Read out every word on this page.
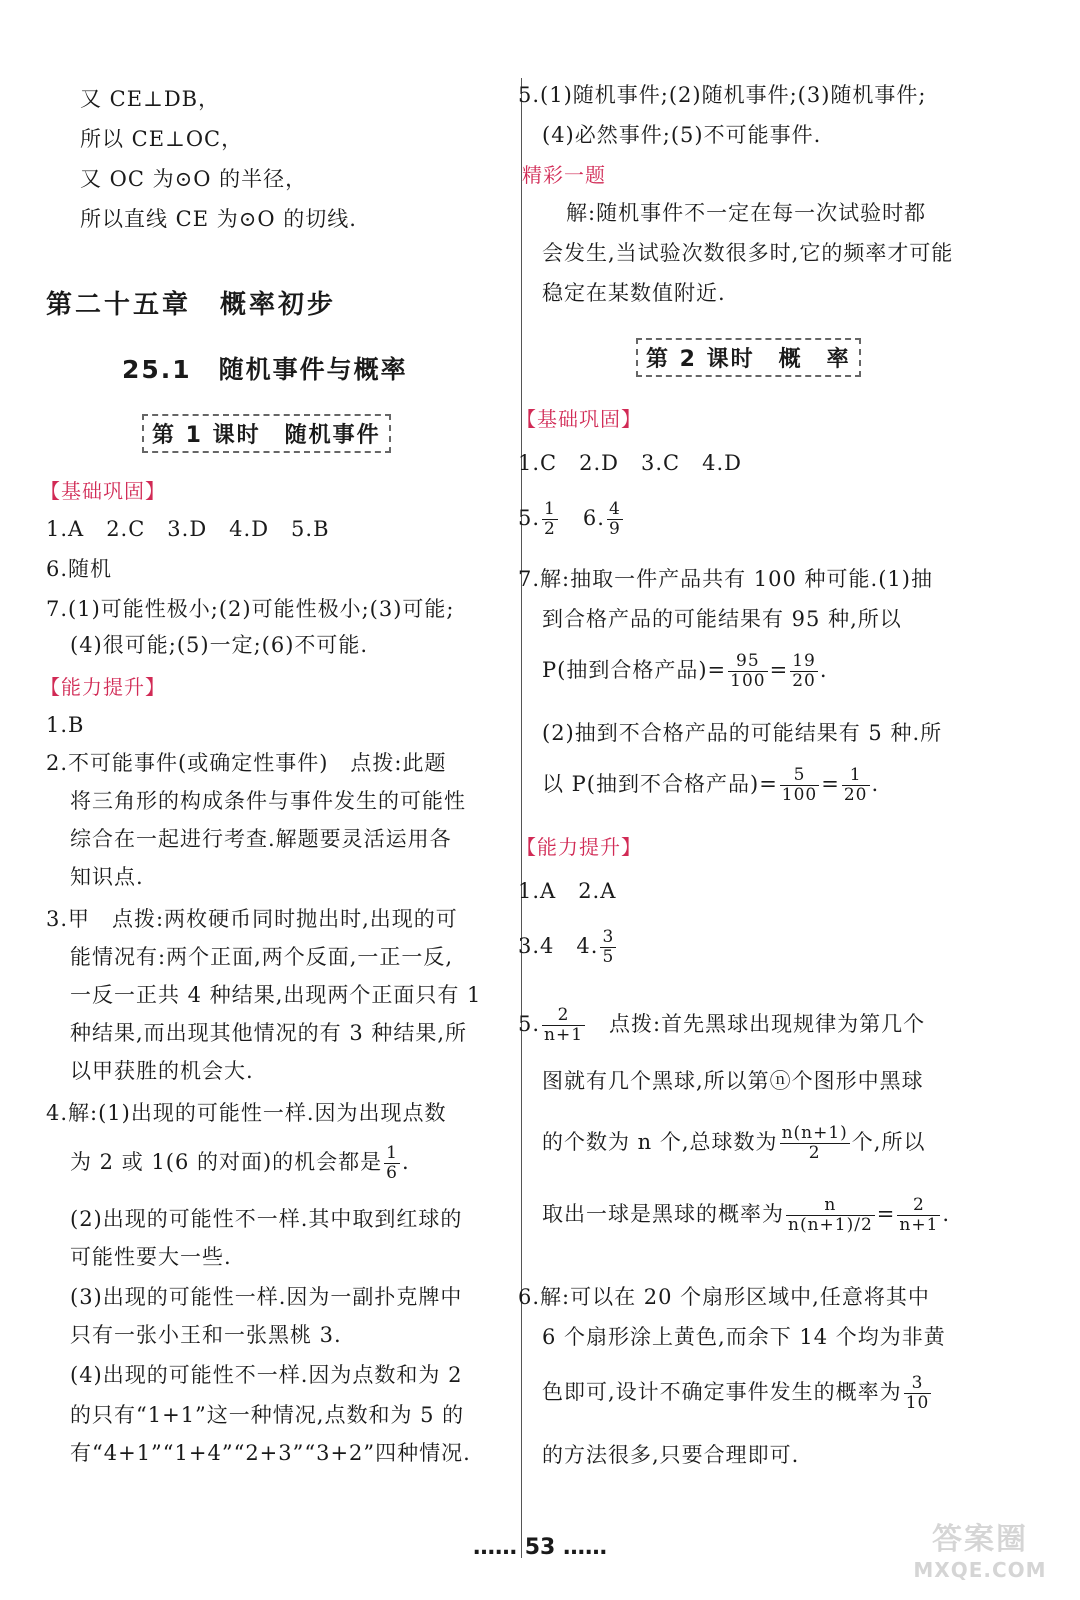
又 CE⊥DB，
所以 CE⊥OC，
又 OC 为⊙O 的半径，
所以直线 CE 为⊙O 的切线.
第二十五章　概率初步
25.1　随机事件与概率
第 1 课时　随机事件
【基础巩固】
1.A　2.C　3.D　4.D　5.B
6.随机
7.(1)可能性极小;(2)可能性极小;(3)可能;
(4)很可能;(5)一定;(6)不可能.
【能力提升】
1.B
2.不可能事件(或确定性事件)　点拨:此题
将三角形的构成条件与事件发生的可能性
综合在一起进行考查.解题要灵活运用各
知识点.
3.甲　点拨:两枚硬币同时抛出时,出现的可
能情况有:两个正面,两个反面,一正一反,
一反一正共 4 种结果,出现两个正面只有 1
种结果,而出现其他情况的有 3 种结果,所
以甲获胜的机会大.
4.解:(1)出现的可能性一样.因为出现点数
为 2 或 1(6 的对面)的机会都是 $\frac{1}{6}$ .
(2)出现的可能性不一样.其中取到红球的
可能性要大一些.
(3)出现的可能性一样.因为一副扑克牌中
只有一张小王和一张黑桃 3.
(4)出现的可能性不一样.因为点数和为 2
的只有“1+1”这一种情况,点数和为 5 的
有“4+1”“1+4”“2+3”“3+2”四种情况.
5.(1)随机事件;(2)随机事件;(3)随机事件;
(4)必然事件;(5)不可能事件.
精彩一题
解:随机事件不一定在每一次试验时都
会发生,当试验次数很多时,它的频率才可能
稳定在某数值附近.
第 2 课时　概　率
【基础巩固】
1.C　2.D　3.C　4.D
5. $\frac{1}{2} 6$. $\frac{4}{9}$
7.解:抽取一件产品共有 100 种可能.(1)抽
到合格产品的可能结果有 95 种,所以
P(抽到合格产品)= $\frac{95}{100} = \frac{19}{20}$ .
(2)抽到不合格产品的可能结果有 5 种.所
以 P(抽到不合格产品)= $\frac{5}{100} = \frac{1}{20}$ .
【能力提升】
1.A　2.A
3.4　4. $\frac{3}{5}$
5. $\frac{2}{n+1}$ 　点拨:首先黑球出现规律为第几个
图就有几个黑球,所以第ⓝ个图形中黑球
的个数为 n 个,总球数为 $\frac{n(n+1)}{2}$ 个,所以
取出一球是黑球的概率为 $\frac{n}{n(n+1)/2} = \frac{2}{n+1}$ .
6.解:可以在 20 个扇形区域中,任意将其中
6 个扇形涂上黄色,而余下 14 个均为非黄
色即可,设计不确定事件发生的概率为 $\frac{3}{10}$
的方法很多,只要合理即可.
…… 53 ……	答案圈
MXQE.COM
